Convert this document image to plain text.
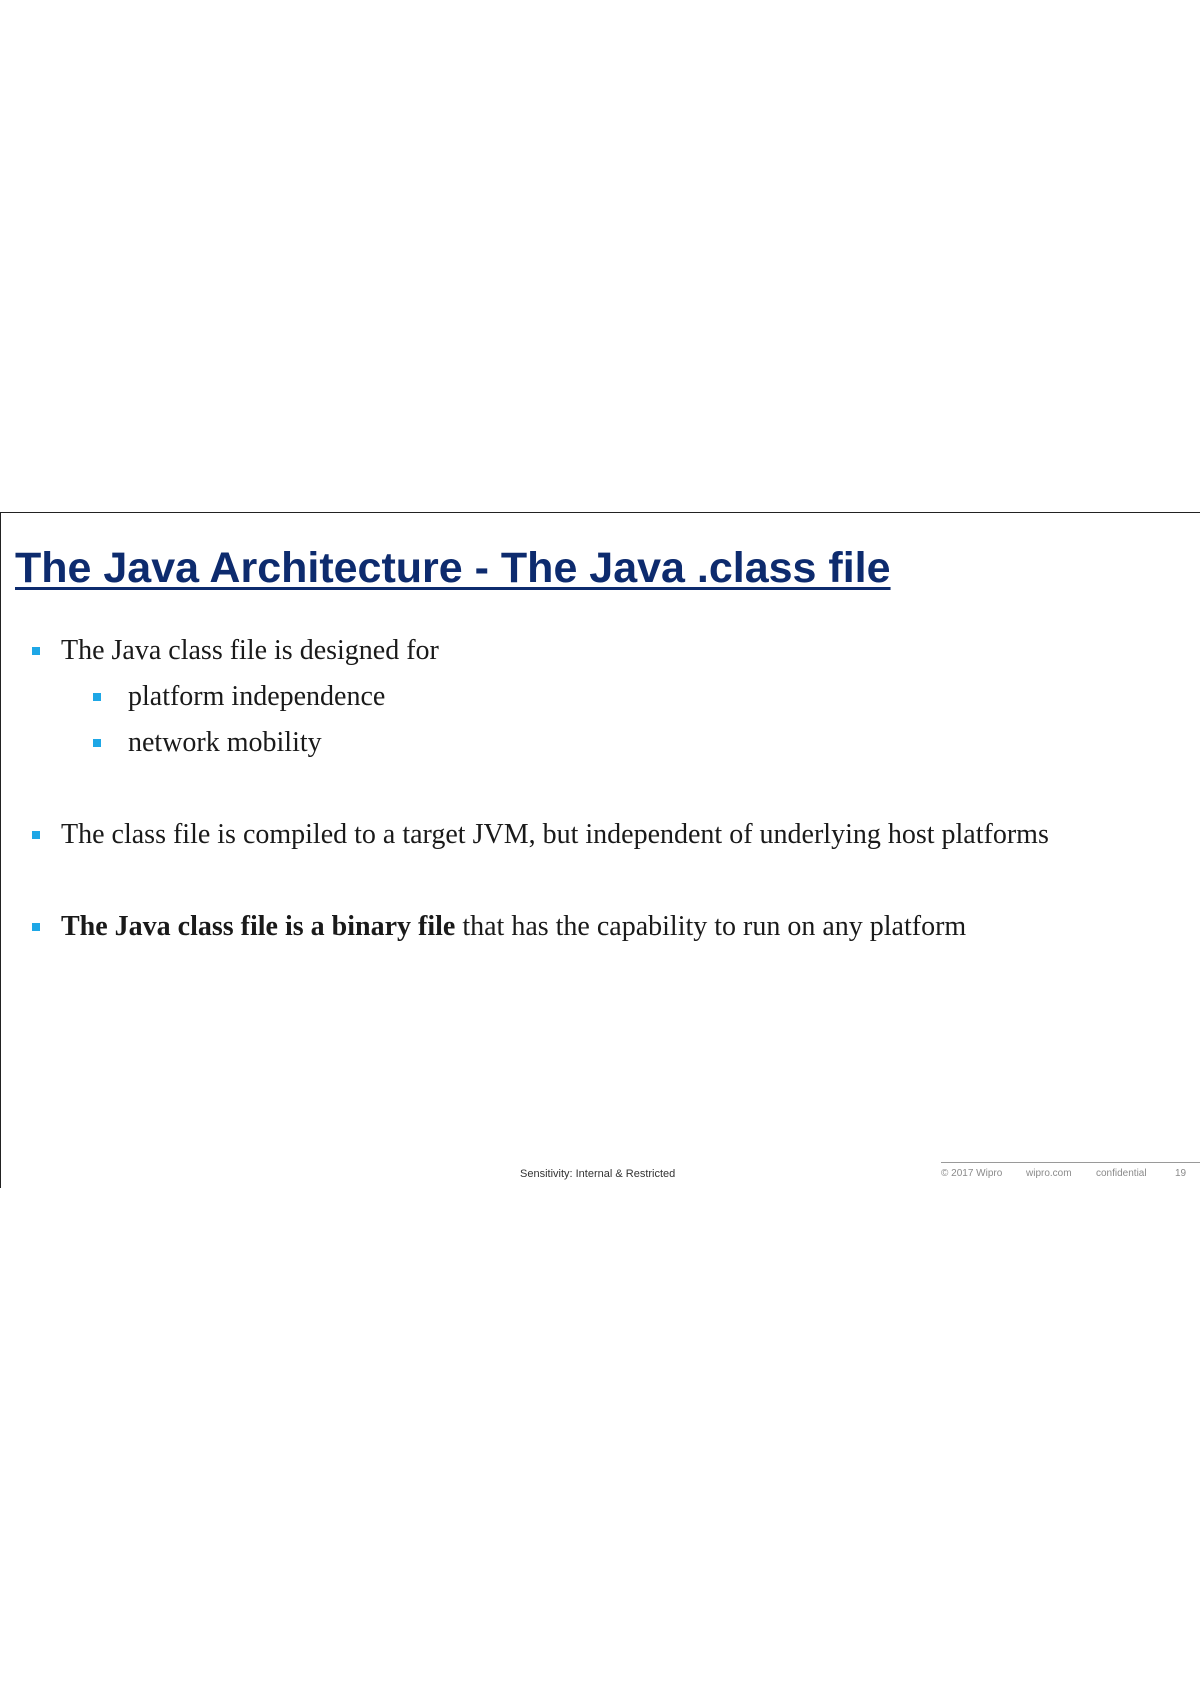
The Java Architecture - The Java .class file
The Java class file is designed for
platform independence
network mobility
The class file is compiled to a target JVM, but independent of underlying host platforms
The Java class file is a binary file that has the capability to run on any platform
Sensitivity: Internal & Restricted	© 2017 Wipro wipro.com confidential	19
